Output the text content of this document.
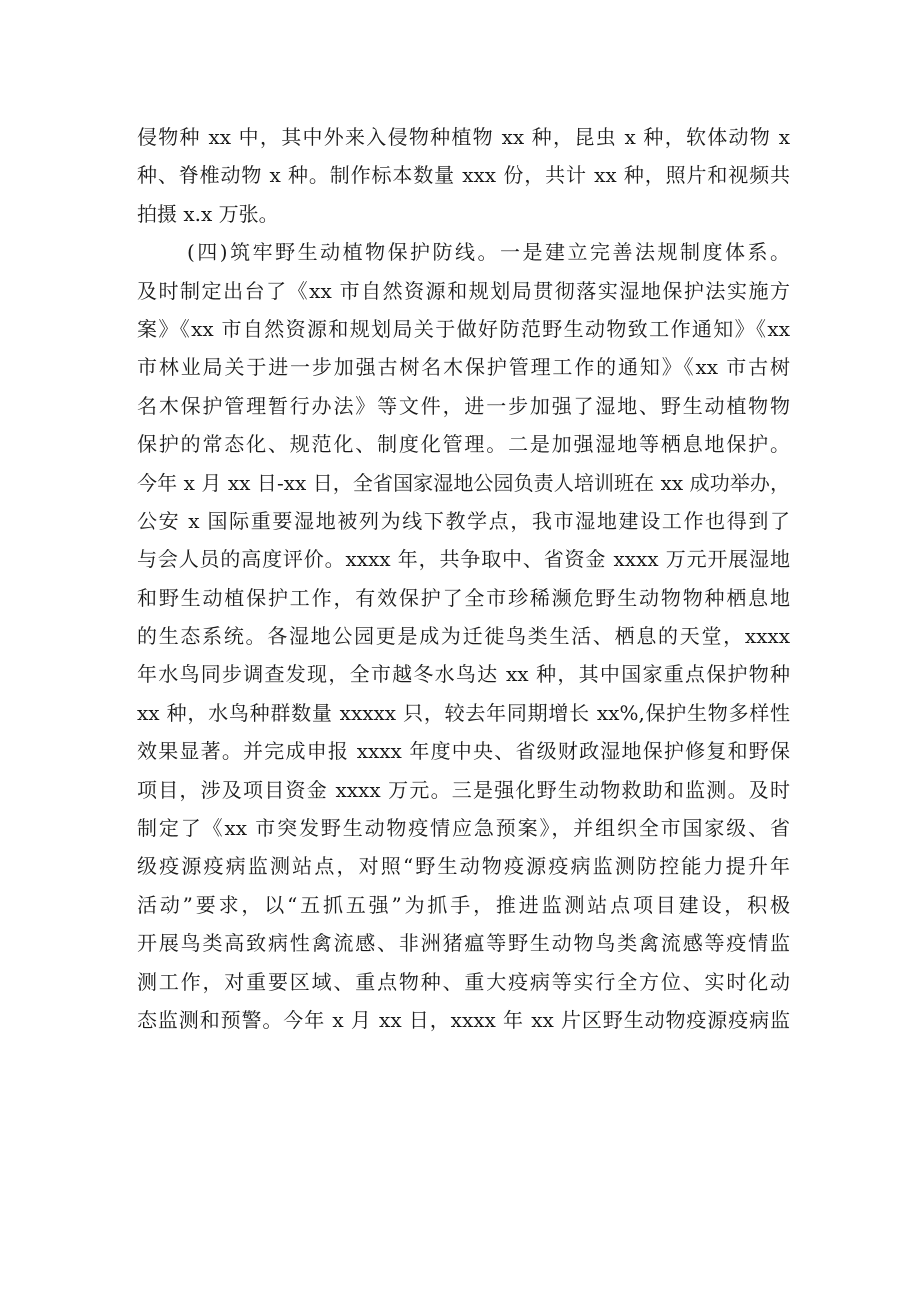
侵物种 xx 中，其中外来入侵物种植物 xx 种，昆虫 x 种，软体动物 x
种、脊椎动物 x 种。制作标本数量 xxx 份，共计 xx 种，照片和视频共
拍摄 x.x 万张。
(四)筑牢野生动植物保护防线。一是建立完善法规制度体系。
及时制定出台了《xx 市自然资源和规划局贯彻落实湿地保护法实施方
案》《xx 市自然资源和规划局关于做好防范野生动物致工作通知》《xx
市林业局关于进一步加强古树名木保护管理工作的通知》《xx 市古树
名木保护管理暂行办法》等文件，进一步加强了湿地、野生动植物物
保护的常态化、规范化、制度化管理。二是加强湿地等栖息地保护。
今年 x 月 xx 日-xx 日，全省国家湿地公园负责人培训班在 xx 成功举办，
公安 x 国际重要湿地被列为线下教学点，我市湿地建设工作也得到了
与会人员的高度评价。xxxx 年，共争取中、省资金 xxxx 万元开展湿地
和野生动植保护工作，有效保护了全市珍稀濒危野生动物物种栖息地
的生态系统。各湿地公园更是成为迁徙鸟类生活、栖息的天堂，xxxx
年水鸟同步调查发现，全市越冬水鸟达 xx 种，其中国家重点保护物种
xx 种，水鸟种群数量 xxxxx 只，较去年同期增长 xx%,保护生物多样性
效果显著。并完成申报 xxxx 年度中央、省级财政湿地保护修复和野保
项目，涉及项目资金 xxxx 万元。三是强化野生动物救助和监测。及时
制定了《xx 市突发野生动物疫情应急预案》，并组织全市国家级、省
级疫源疫病监测站点，对照“野生动物疫源疫病监测防控能力提升年
活动”要求，以“五抓五强”为抓手，推进监测站点项目建设，积极
开展鸟类高致病性禽流感、非洲猪瘟等野生动物鸟类禽流感等疫情监
测工作，对重要区域、重点物种、重大疫病等实行全方位、实时化动
态监测和预警。今年 x 月 xx 日，xxxx 年 xx 片区野生动物疫源疫病监
